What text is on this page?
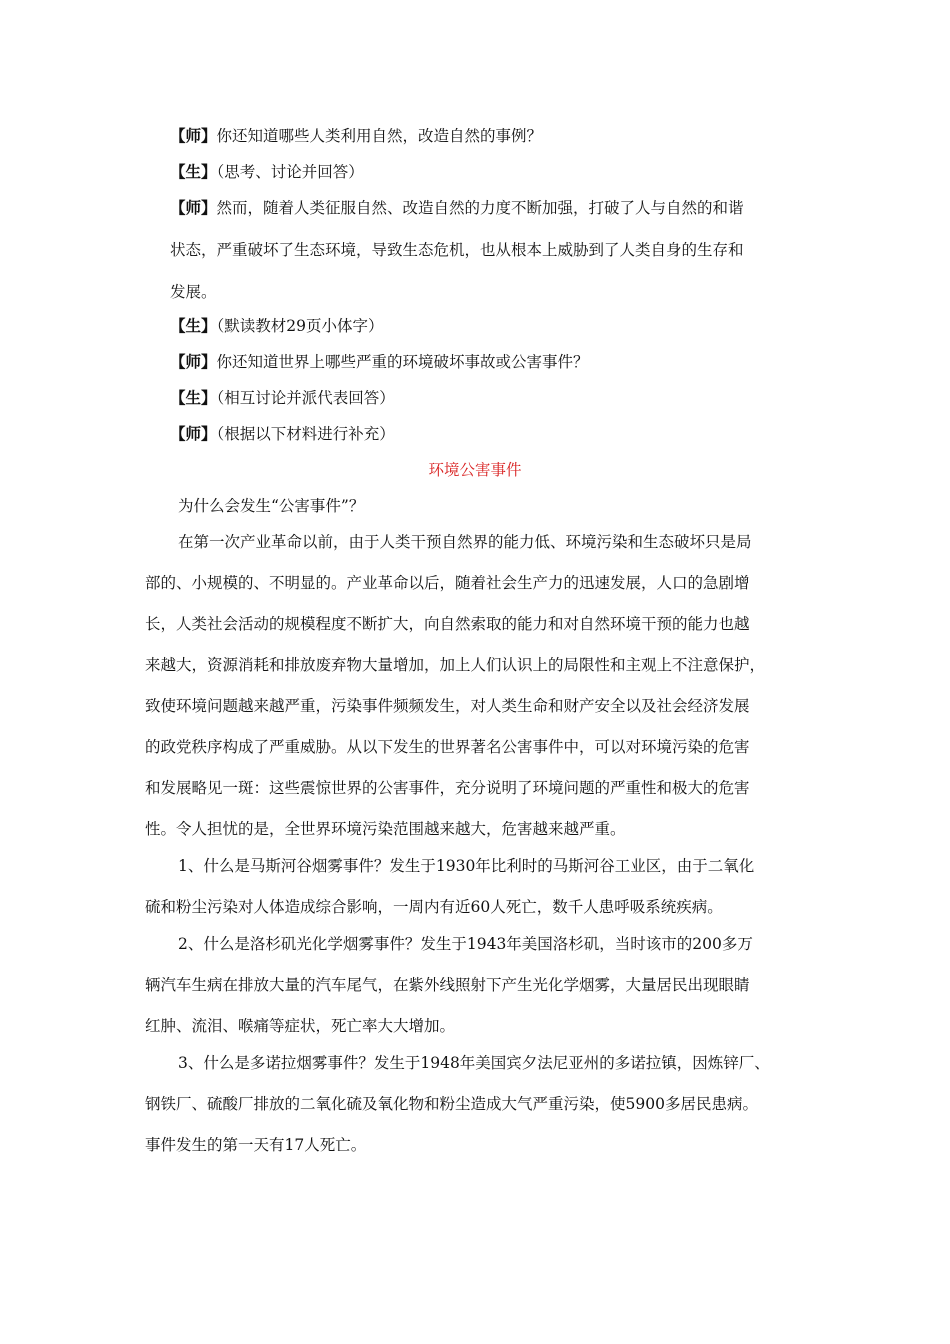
【师】你还知道哪些人类利用自然，改造自然的事例？
【生】（思考、讨论并回答）
【师】然而，随着人类征服自然、改造自然的力度不断加强，打破了人与自然的和谐
状态，严重破坏了生态环境，导致生态危机，也从根本上威胁到了人类自身的生存和
发展。
【生】（默读教材29页小体字）
【师】你还知道世界上哪些严重的环境破坏事故或公害事件？
【生】（相互讨论并派代表回答）
【师】（根据以下材料进行补充）
环境公害事件
为什么会发生“公害事件”？
在第一次产业革命以前，由于人类干预自然界的能力低、环境污染和生态破坏只是局
部的、小规模的、不明显的。产业革命以后，随着社会生产力的迅速发展，人口的急剧增
长，人类社会活动的规模程度不断扩大，向自然索取的能力和对自然环境干预的能力也越
来越大，资源消耗和排放废弃物大量增加，加上人们认识上的局限性和主观上不注意保护，
致使环境问题越来越严重，污染事件频频发生，对人类生命和财产安全以及社会经济发展
的政党秩序构成了严重威胁。从以下发生的世界著名公害事件中，可以对环境污染的危害
和发展略见一斑：这些震惊世界的公害事件，充分说明了环境问题的严重性和极大的危害
性。令人担忧的是，全世界环境污染范围越来越大，危害越来越严重。
1、什么是马斯河谷烟雾事件？发生于1930年比利时的马斯河谷工业区，由于二氧化
硫和粉尘污染对人体造成综合影响，一周内有近60人死亡，数千人患呼吸系统疾病。
2、什么是洛杉矶光化学烟雾事件？发生于1943年美国洛杉矶，当时该市的200多万
辆汽车生病在排放大量的汽车尾气，在紫外线照射下产生光化学烟雾，大量居民出现眼睛
红肿、流泪、喉痛等症状，死亡率大大增加。
3、什么是多诺拉烟雾事件？发生于1948年美国宾夕法尼亚州的多诺拉镇，因炼锌厂、
钢铁厂、硫酸厂排放的二氧化硫及氧化物和粉尘造成大气严重污染，使5900多居民患病。
事件发生的第一天有17人死亡。
